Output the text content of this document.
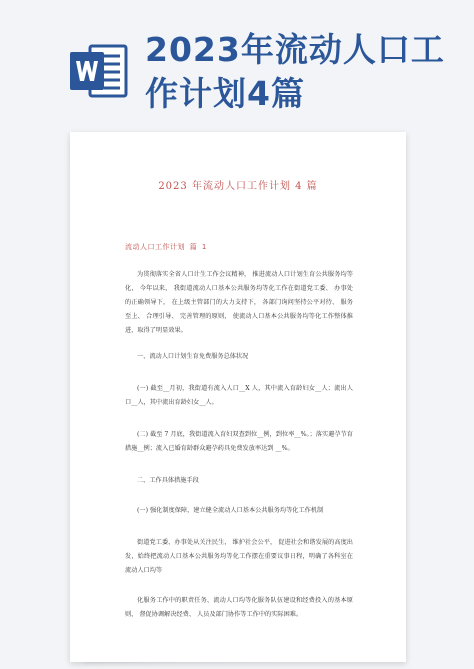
2023年流动人口工作计划4篇
2023 年流动人口工作计划 4 篇
流动人口工作计划 篇 1
为贯彻落实全省人口计生工作会议精神， 推进流动人口计划生育公共服务均等化， 今年以来， 我街道流动人口基本公共服务均等化工作在街道党工委、 办事处的正确领导下， 在上级主管部门的大力支持下， 各部门询问坚持公平对待、 服务至上、 合理引导、 完善管理的原则， 使流动人口基本公共服务均等化工作整体推进，取得了明显效果。
一、流动人口计划生育免费服务总体状况
(一) 截至__月初，我街道有流入人口__X 人，其中流入育龄妇女__人；流出人口__人，其中流出育龄妇女__人。
(二) 截至 7 月底，我街道流入育妇双查到位__例，到位率__%。；落实避孕节育措施__例；流入已婚育龄群众避孕药具免费发放率达到 __%。
二、工作具体措施手段
(一) 强化制度保障，建立健全流动人口基本公共服务均等化工作机制
街道党工委、办事处从关注民生， 维护社会公平， 促进社会和谐发展的高度出发，始终把流动人口基本公共服务均等化工作摆在重要议事日程，明确了各科室在流动人口均等
化服务工作中的职责任务、流动人口均等化服务队伍建设和经费投入的基本原则， 督促协调解决经费、 人员及部门协作等工作中的实际困难。
